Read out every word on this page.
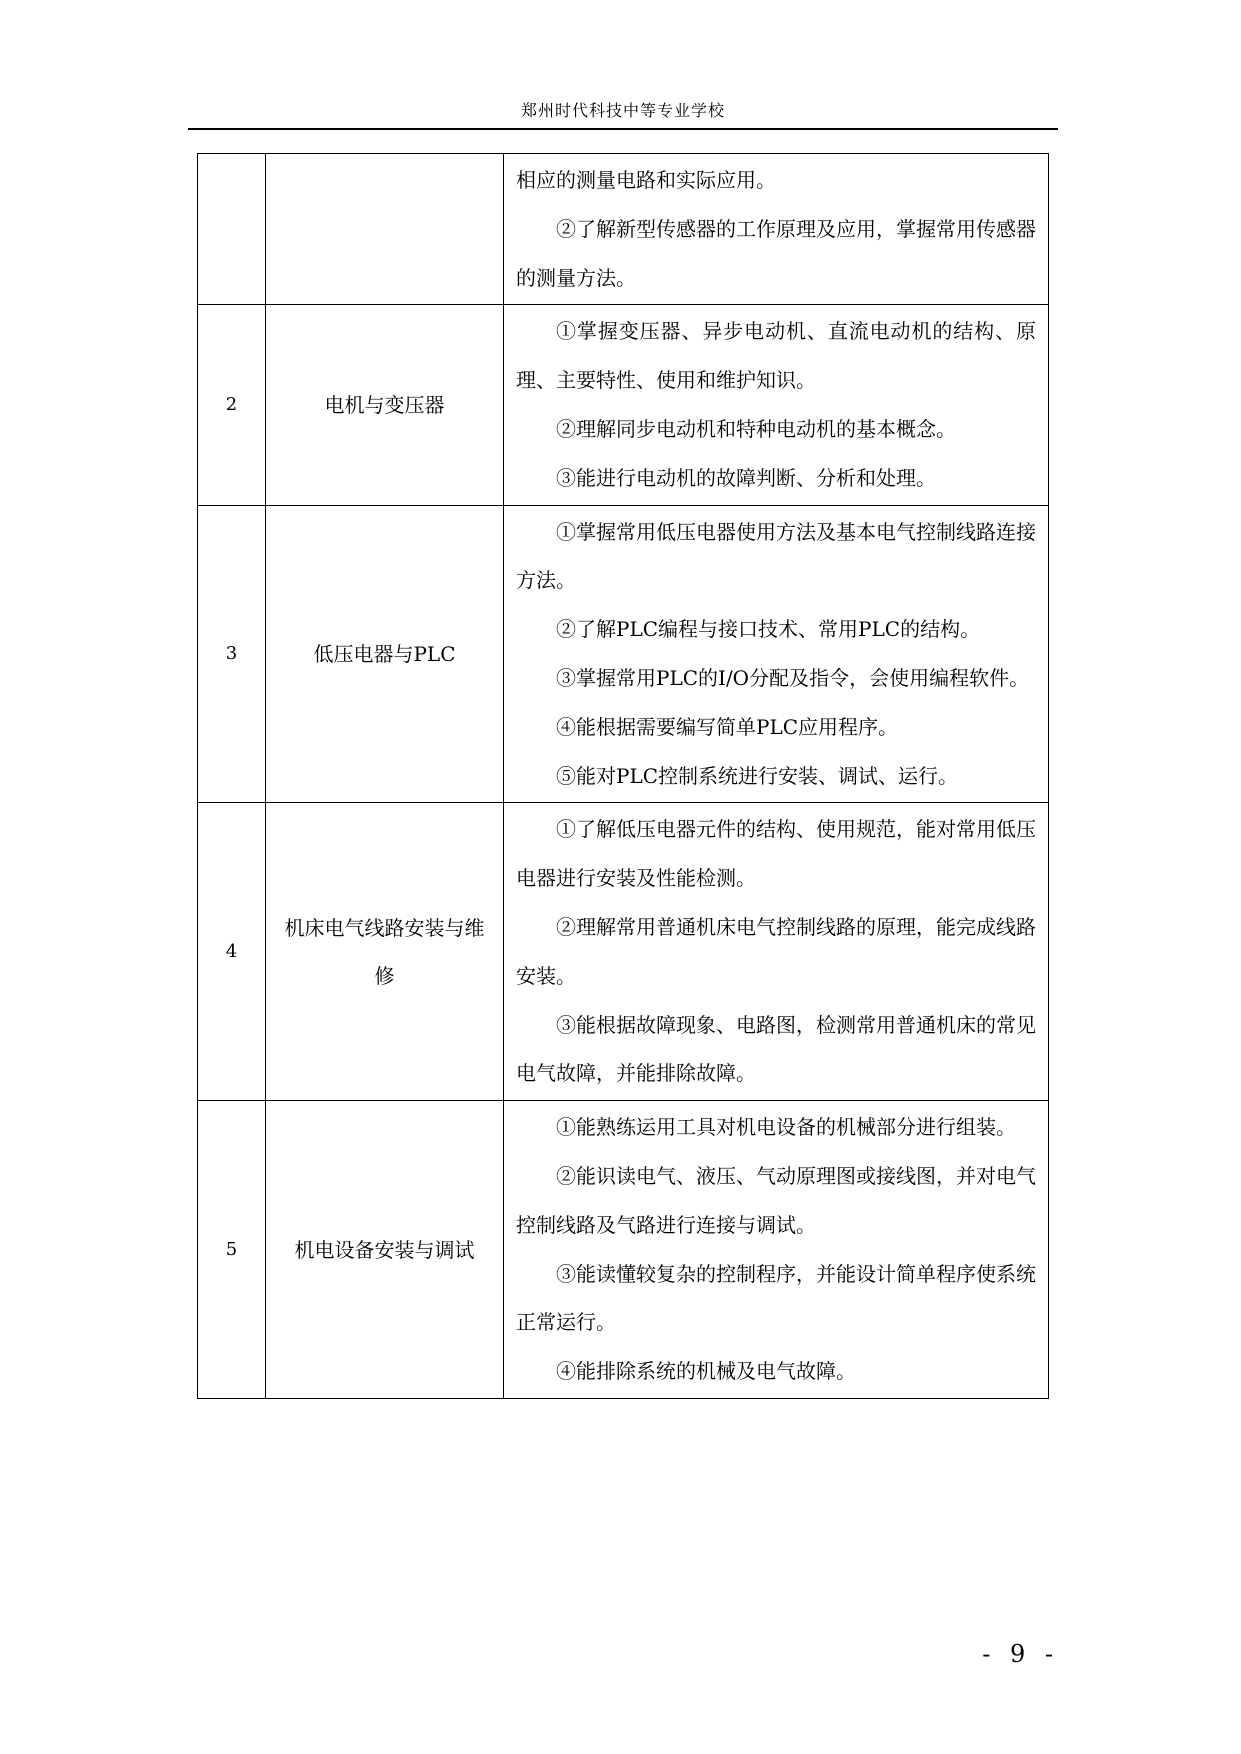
郑州时代科技中等专业学校

		相应的测量电路和实际应用。

②了解新型传感器的工作原理及应用，掌握常用传感器的测量方法。

2	电机与变压器	①掌握变压器、异步电动机、直流电动机的结构、原理、主要特性、使用和维护知识。

②理解同步电动机和特种电动机的基本概念。

③能进行电动机的故障判断、分析和处理。

3	低压电器与PLC	①掌握常用低压电器使用方法及基本电气控制线路连接方法。

②了解PLC编程与接口技术、常用PLC的结构。

③掌握常用PLC的I/O分配及指令，会使用编程软件。

④能根据需要编写简单PLC应用程序。

⑤能对PLC控制系统进行安装、调试、运行。

4	机床电气线路安装与维修	①了解低压电器元件的结构、使用规范，能对常用低压电器进行安装及性能检测。

②理解常用普通机床电气控制线路的原理，能完成线路安装。

③能根据故障现象、电路图，检测常用普通机床的常见电气故障，并能排除故障。

5	机电设备安装与调试	①能熟练运用工具对机电设备的机械部分进行组装。

②能识读电气、液压、气动原理图或接线图，并对电气控制线路及气路进行连接与调试。

③能读懂较复杂的控制程序，并能设计简单程序使系统正常运行。

④能排除系统的机械及电气故障。

- 9 -
